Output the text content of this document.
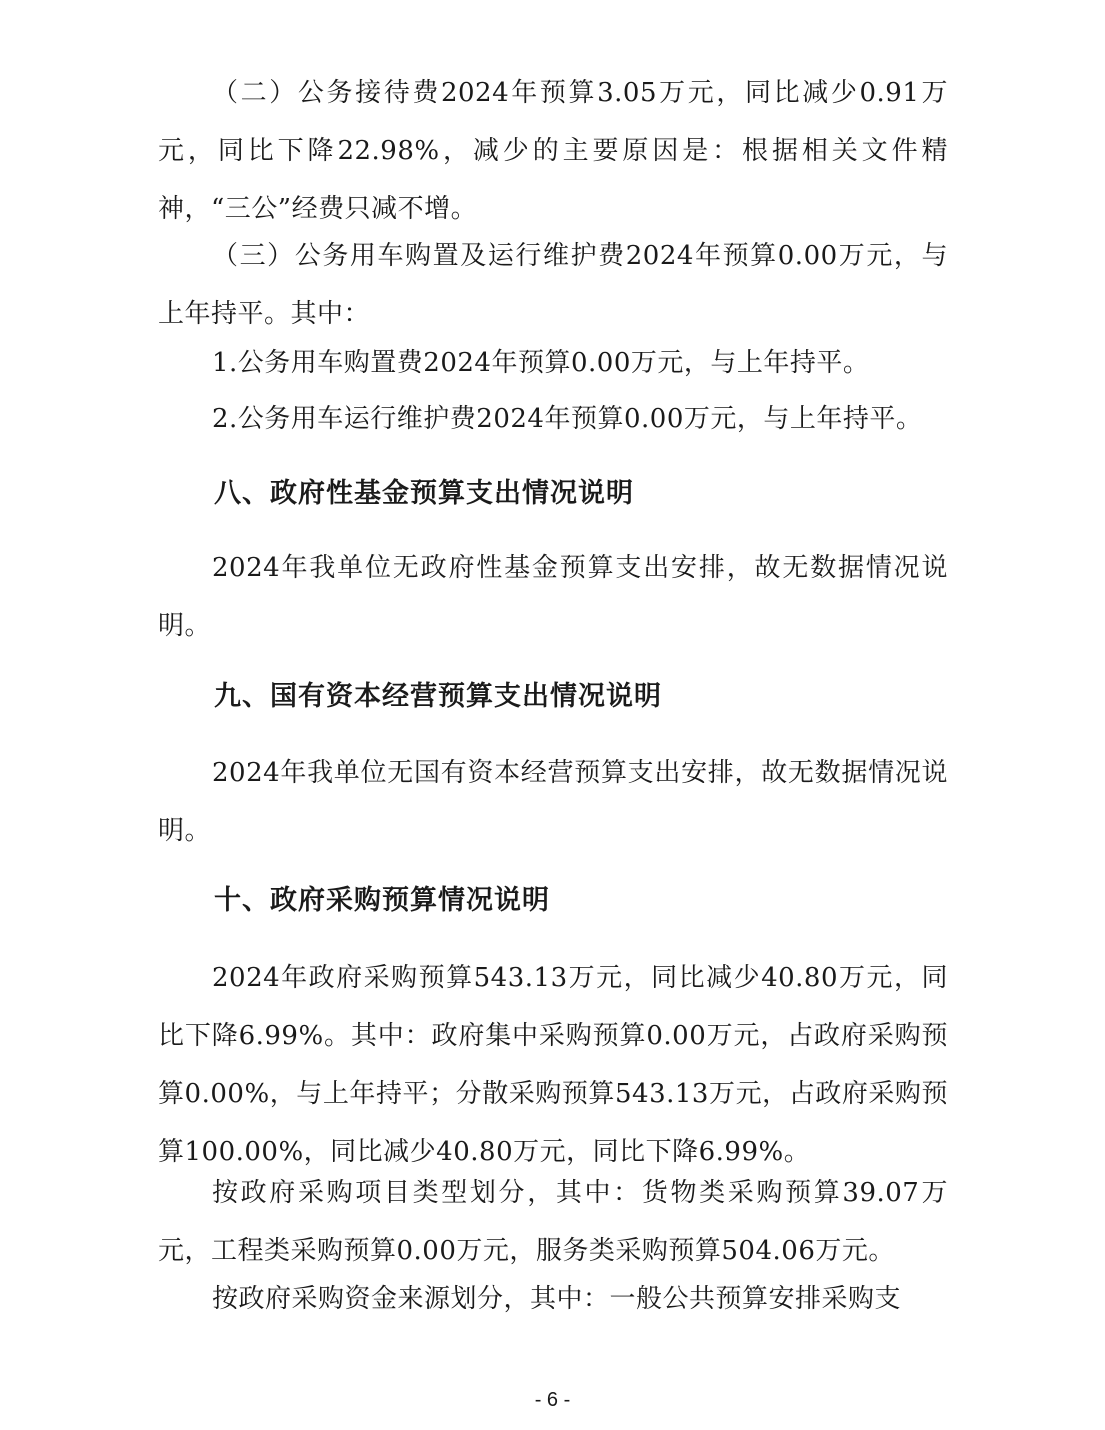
（二）公务接待费2024年预算3.05万元，同比减少0.91万元，同比下降22.98%，减少的主要原因是：根据相关文件精神，“三公”经费只减不增。

（三）公务用车购置及运行维护费2024年预算0.00万元，与上年持平。其中：

1.公务用车购置费2024年预算0.00万元，与上年持平。

2.公务用车运行维护费2024年预算0.00万元，与上年持平。

八、政府性基金预算支出情况说明

2024年我单位无政府性基金预算支出安排，故无数据情况说明。

九、国有资本经营预算支出情况说明

2024年我单位无国有资本经营预算支出安排，故无数据情况说明。

十、政府采购预算情况说明

2024年政府采购预算543.13万元，同比减少40.80万元，同比下降6.99%。其中：政府集中采购预算0.00万元，占政府采购预算0.00%，与上年持平；分散采购预算543.13万元，占政府采购预算100.00%，同比减少40.80万元，同比下降6.99%。

按政府采购项目类型划分，其中：货物类采购预算39.07万元，工程类采购预算0.00万元，服务类采购预算504.06万元。

按政府采购资金来源划分，其中：一般公共预算安排采购支

- 6 -
